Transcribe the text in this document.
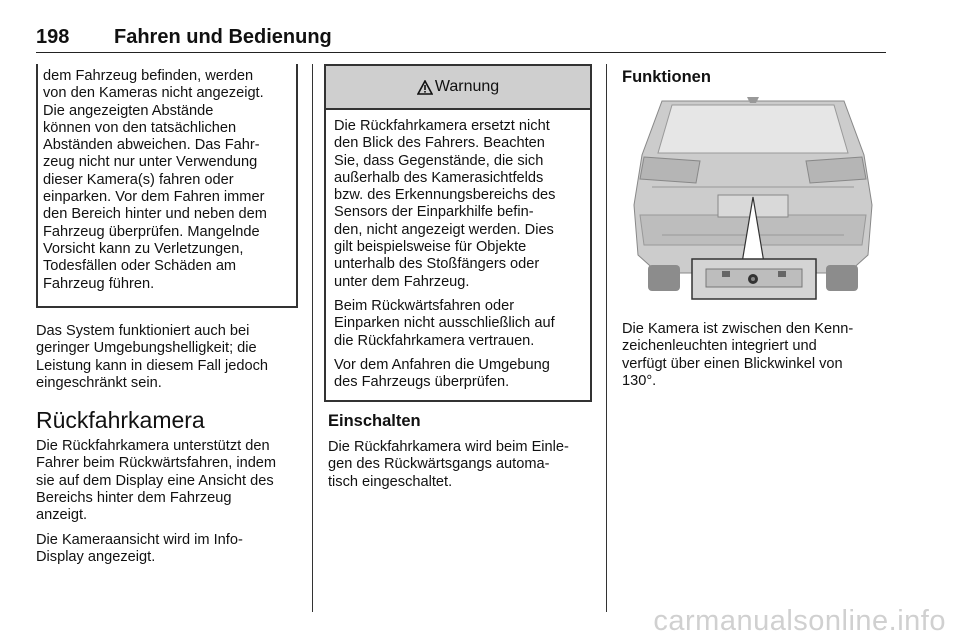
198 Fahren und Bedienung
dem Fahrzeug befinden, werden
von den Kameras nicht angezeigt.
Die angezeigten Abstände
können von den tatsächlichen
Abständen abweichen. Das Fahr-
zeug nicht nur unter Verwendung
dieser Kamera(s) fahren oder
einparken. Vor dem Fahren immer
den Bereich hinter und neben dem
Fahrzeug überprüfen. Mangelnde
Vorsicht kann zu Verletzungen,
Todesfällen oder Schäden am
Fahrzeug führen.

Das System funktioniert auch bei
geringer Umgebungshelligkeit; die
Leistung kann in diesem Fall jedoch
eingeschränkt sein.

Rückfahrkamera

Die Rückfahrkamera unterstützt den
Fahrer beim Rückwärtsfahren, indem
sie auf dem Display eine Ansicht des
Bereichs hinter dem Fahrzeug
anzeigt.

Die Kameraansicht wird im Info-
Display angezeigt.

Warnung

Die Rückfahrkamera ersetzt nicht
den Blick des Fahrers. Beachten
Sie, dass Gegenstände, die sich
außerhalb des Kamerasichtfelds
bzw. des Erkennungsbereichs des
Sensors der Einparkhilfe befin-
den, nicht angezeigt werden. Dies
gilt beispielsweise für Objekte
unterhalb des Stoßfängers oder
unter dem Fahrzeug.

Beim Rückwärtsfahren oder
Einparken nicht ausschließlich auf
die Rückfahrkamera vertrauen.

Vor dem Anfahren die Umgebung
des Fahrzeugs überprüfen.

Einschalten

Die Rückfahrkamera wird beim Einle-
gen des Rückwärtsgangs automa-
tisch eingeschaltet.

Funktionen

Die Kamera ist zwischen den Kenn-
zeichenleuchten integriert und
verfügt über einen Blickwinkel von
130°.

carmanualsonline.info
